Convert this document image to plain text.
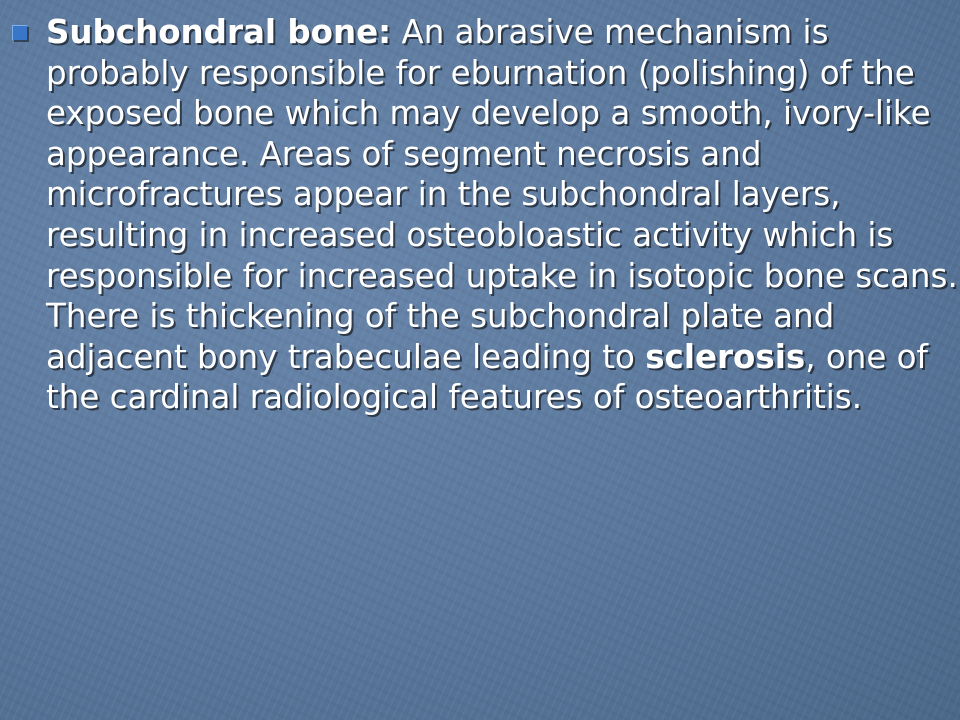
Subchondral bone: An abrasive mechanism is probably responsible for eburnation (polishing) of the exposed bone which may develop a smooth, ivory-like appearance. Areas of segment necrosis and microfractures appear in the subchondral layers, resulting in increased osteobloastic activity which is responsible for increased uptake in isotopic bone scans. There is thickening of the subchondral plate and adjacent bony trabeculae leading to sclerosis, one of the cardinal radiological features of osteoarthritis.
